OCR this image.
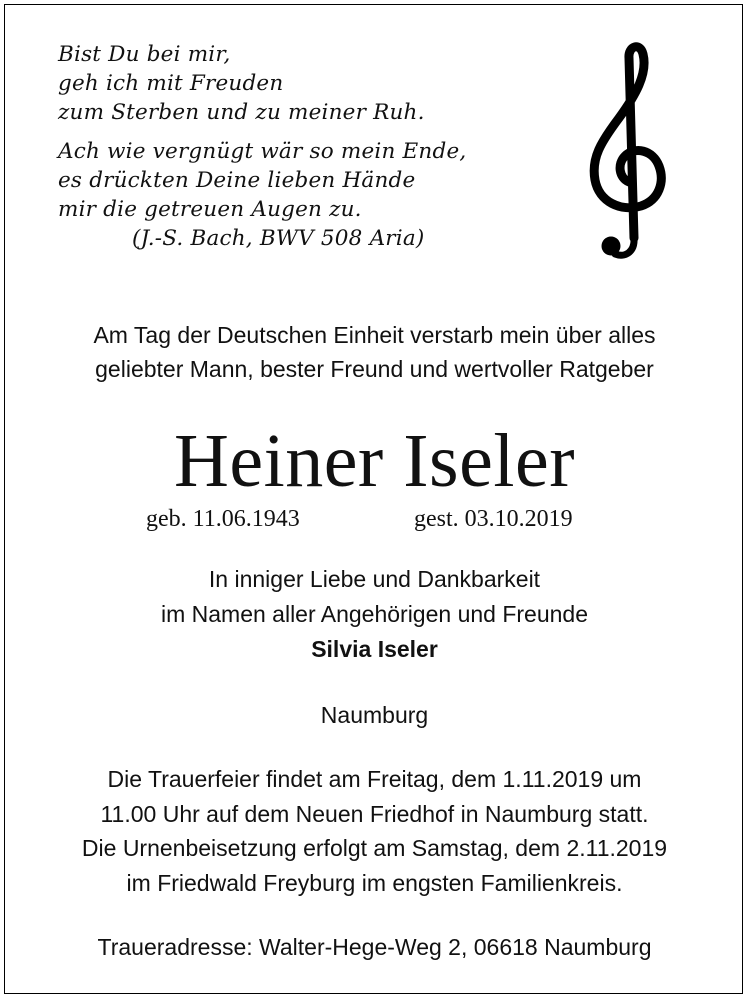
Bist Du bei mir,
geh ich mit Freuden
zum Sterben und zu meiner Ruh.
Ach wie vergnügt wär so mein Ende,
es drückten Deine lieben Hände
mir die getreuen Augen zu.
(J.-S. Bach, BWV 508 Aria)
Am Tag der Deutschen Einheit verstarb mein über alles
geliebter Mann, bester Freund und wertvoller Ratgeber
Heiner Iseler
geb. 11.06.1943	gest. 03.10.2019
In inniger Liebe und Dankbarkeit
im Namen aller Angehörigen und Freunde
Silvia Iseler
Naumburg
Die Trauerfeier findet am Freitag, dem 1.11.2019 um
11.00 Uhr auf dem Neuen Friedhof in Naumburg statt.
Die Urnenbeisetzung erfolgt am Samstag, dem 2.11.2019
im Friedwald Freyburg im engsten Familienkreis.
Traueradresse: Walter-Hege-Weg 2, 06618 Naumburg
